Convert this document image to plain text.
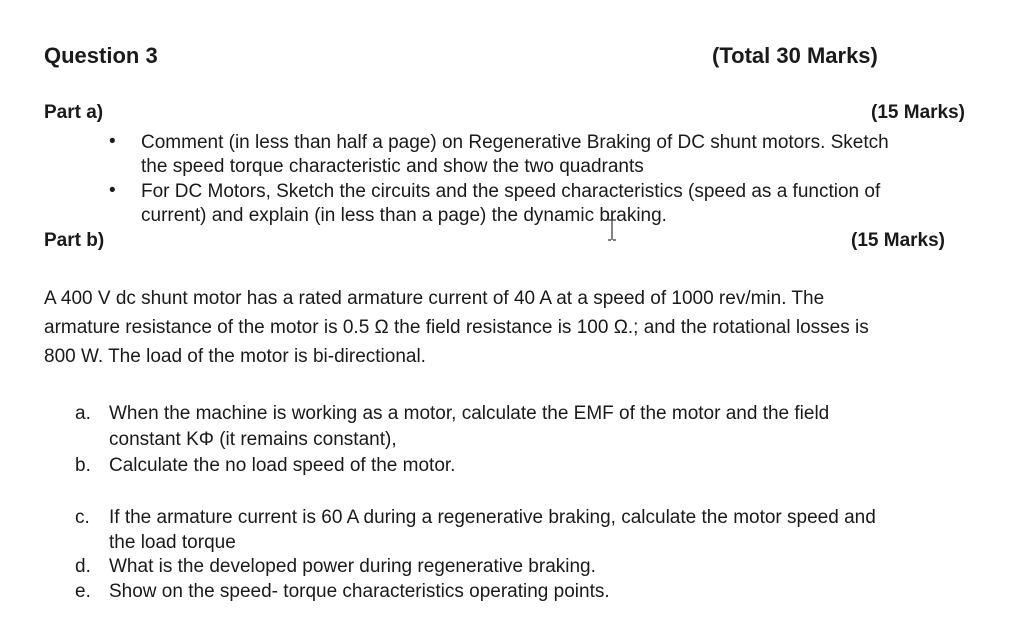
Question 3	(Total 30 Marks)
Part a)	(15 Marks)
• Comment (in less than half a page) on Regenerative Braking of DC shunt motors. Sketch
the speed torque characteristic and show the two quadrants
• For DC Motors, Sketch the circuits and the speed characteristics (speed as a function of
current) and explain (in less than a page) the dynamic braking.
Part b)	(15 Marks)
A 400 V dc shunt motor has a rated armature current of 40 A at a speed of 1000 rev/min. The
armature resistance of the motor is 0.5 Ω the field resistance is 100 Ω.; and the rotational losses is
800 W. The load of the motor is bi-directional.
a. When the machine is working as a motor, calculate the EMF of the motor and the field
constant KΦ (it remains constant),
b. Calculate the no load speed of the motor.
c. If the armature current is 60 A during a regenerative braking, calculate the motor speed and
the load torque
d. What is the developed power during regenerative braking.
e. Show on the speed- torque characteristics operating points.
